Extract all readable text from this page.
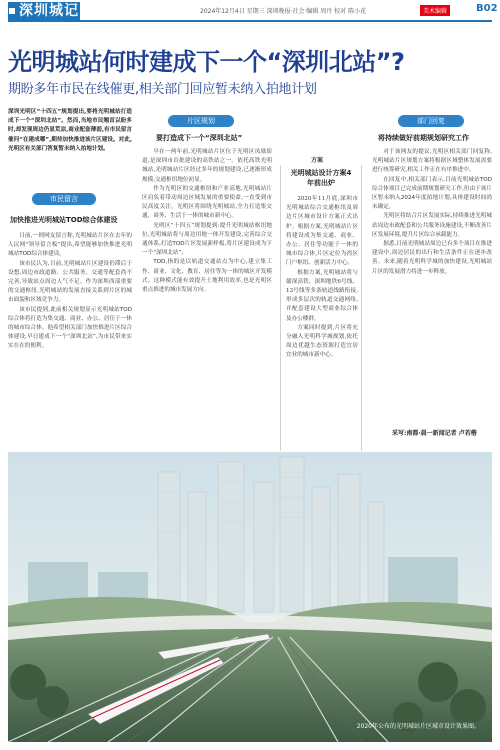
深圳城记	2024年12月4日 星期三 深圳晚报·社会·编辑 周丹 校对 陈小花	美术编辑	B02
光明城站何时建成下一个“深圳北站”?
期盼多年市民在线催更,相关部门回应暂未纳入拍地计划

深圳光明区“十四五”规划提出,要将光明城站打造成下一个“深圳北站”。然而,当地市民翘首以盼多时,却发现周边仍显荒凉,商业配套薄弱,有市民留言催问“在建成哪”,期待加快推进该片区建设。对此,光明区有关部门答复暂未纳入拍地计划。

市民留言
加快推进光明城站TOD综合体建设

日前,一则网友留言称,光明城站片区在去年的人民网“领导留言板”提出,希望能够加快推进光明城站TOD综合体建设。

该市民认为,目前,光明城站片区建设仍滞后于设想,周边市政道路、公共服务、交通等配套尚不完善,导致站点周边人气不足。作为深圳西部重要的交通枢纽,光明城站的发展直接关系到片区的城市面貌和区域竞争力。

该市民提到,此前相关规划显示光明城站TOD综合体将打造为集交通、商业、办公、居住于一体的城市综合体。他希望相关部门加快推进片区综合体建设,早日建成下一个“深圳北站”,为市民带来实实在在的便利。

片区规划
要打造成下一个“深圳北站”

早在一两年前,光明城站片区位于光明区凤凰街道,是深圳市首批建设的高铁站之一。依托高铁光明城站,光明城站片区经过多年的规划建设,已逐渐形成规模,交通枢纽地位初显。

作为光明区的交通枢纽和产业高地,光明城站片区肩负着带动周边区域发展的重要使命,一直受到市民高度关注。光明区将围绕光明城站,全力打造集交通、商务、生活于一体的城市新中心。

光明区“十四五”规划提到:提升光明城站枢纽地位,光明城站将与周边用地一体开发建设,完善综合交通体系,打造TOD片区发展新样板,将片区建设成为下一个“深圳北站”。

TOD,指的是以轨道交通站点为中心,建立集工作、商业、文化、教育、居住等为一体的城区开发模式。这种模式能有效提升土地利用效率,也是光明区重点推进的城市发展方向。

方案
光明城站设计方案4年前出炉

2020年11月底,深圳市光明城站综合交通枢纽及周边片区城市设计方案正式出炉。根据方案,光明城站片区将建设成为集交通、商业、办公、居住等功能于一体的城市综合体,片区定位为湾区门户枢纽、创新活力中心。

根据方案,光明城站将与赣深高铁、深圳地铁6号线、13号线等多条轨道线路衔接,形成多层次的轨道交通网络,并配套建设大型商业综合体及办公楼群。

方案同时提到,片区将充分融入光明科学城规划,依托周边优越生态资源打造宜居宜业的城市新中心。

部门回复
将持续做好前期规划研究工作

对于该网友的提议,光明区相关部门回复称,光明城站片区规划方案将根据区域整体发展需要进行统筹研究,相关工作正在有序推进中。

在回复中,相关部门表示,目前光明城站TOD综合体项目已完成前期规划研究工作,但由于该片区暂未纳入2024年度拍地计划,具体建设时间尚未确定。

光明区将结合片区发展实际,持续推进光明城站周边市政配套和公共服务设施建设,不断改善片区发展环境,提升片区综合承载能力。

据悉,目前光明城站周边已有多个项目在推进建设中,周边居民的出行和生活条件正在逐步改善。未来,随着光明科学城的加快建设,光明城站片区的发展潜力将进一步释放。

采写:南都·晨一新闻记者 卢若楷
2020年公布的光明城站片区城市设计效果图。
